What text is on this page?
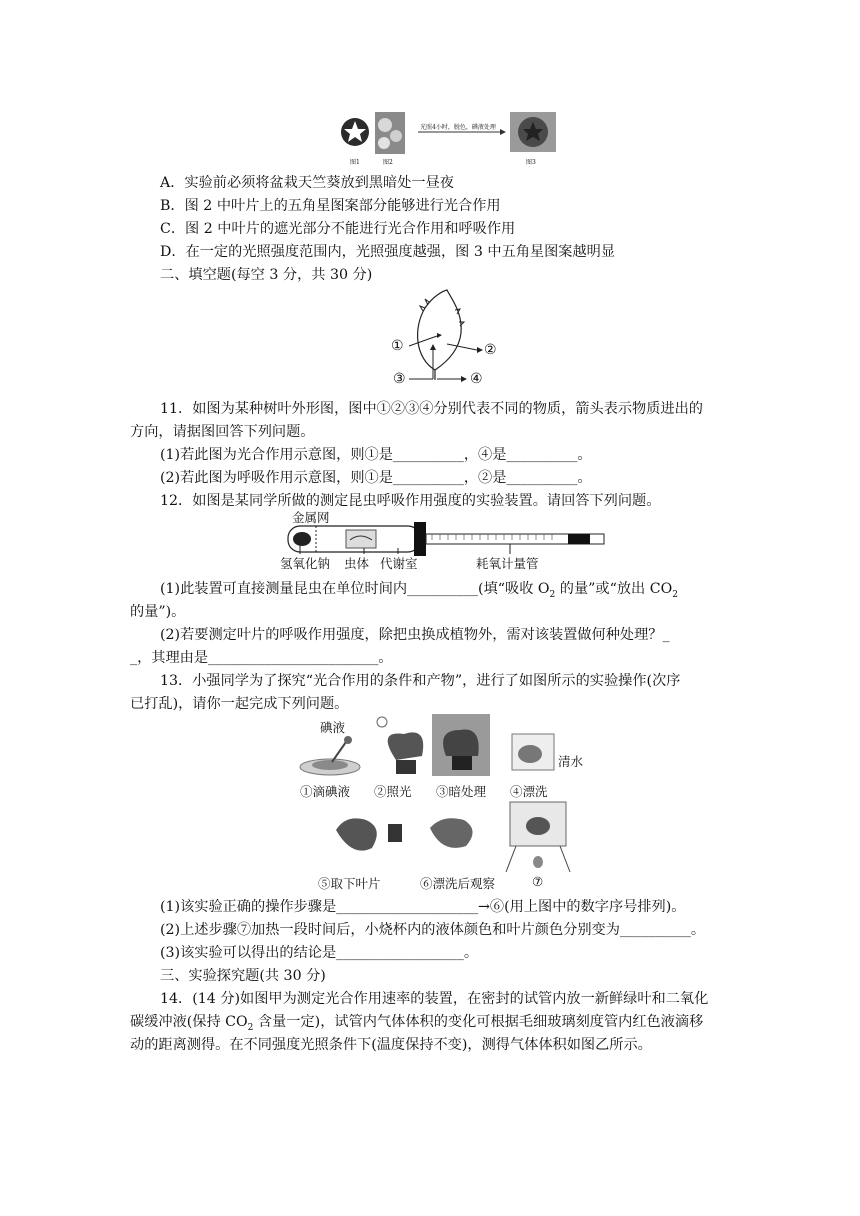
图1	图2	图3
光照4小时，脱色，碘液处理
A．实验前必须将盆栽天竺葵放到黑暗处一昼夜
B．图 2 中叶片上的五角星图案部分能够进行光合作用
C．图 2 中叶片的遮光部分不能进行光合作用和呼吸作用
D．在一定的光照强度范围内，光照强度越强，图 3 中五角星图案越明显
二、填空题(每空 3 分，共 30 分)
①	②
③	④
11．如图为某种树叶外形图，图中①②③④分别代表不同的物质，箭头表示物质进出的
方向，请据图回答下列问题。
(1)若此图为光合作用示意图，则①是__________，④是__________。
(2)若此图为呼吸作用示意图，则①是__________，②是__________。
12．如图是某同学所做的测定昆虫呼吸作用强度的实验装置。请回答下列问题。
金属网
氢氧化钠 虫体 代谢室	耗氧计量管
(1)此装置可直接测量昆虫在单位时间内__________(填“吸收 $O_2$ 的量”或“放出 $CO_2$
的量”)。
(2)若要测定叶片的呼吸作用强度，除把虫换成植物外，需对该装置做何种处理？_
_，其理由是________________________。
13．小强同学为了探究“光合作用的条件和产物”，进行了如图所示的实验操作(次序
已打乱)，请你一起完成下列问题。
碘液
清水
①滴碘液 ②照光 ③暗处理 ④漂洗
⑤取下叶片	⑥漂洗后观察	⑦
(1)该实验正确的操作步骤是____________________→⑥(用上图中的数字序号排列)。
(2)上述步骤⑦加热一段时间后，小烧杯内的液体颜色和叶片颜色分别变为__________。
(3)该实验可以得出的结论是__________________。
三、实验探究题(共 30 分)
14．(14 分)如图甲为测定光合作用速率的装置，在密封的试管内放一新鲜绿叶和二氧化
碳缓冲液(保持 $CO_2$ 含量一定)，试管内气体体积的变化可根据毛细玻璃刻度管内红色液滴移
动的距离测得。在不同强度光照条件下(温度保持不变)，测得气体体积如图乙所示。
